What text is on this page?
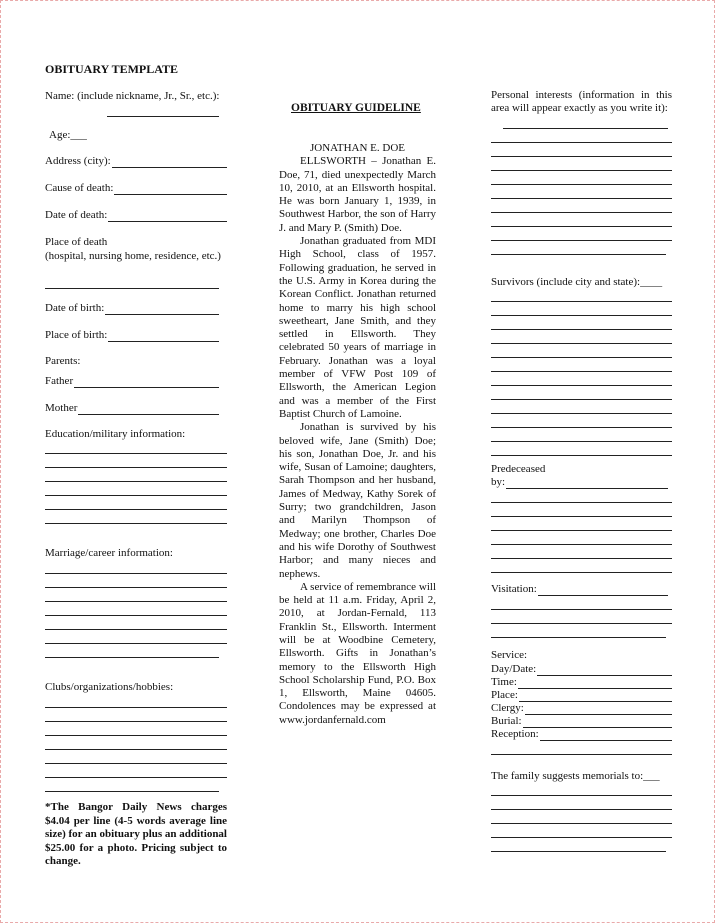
OBITUARY TEMPLATE
Name: (include nickname, Jr., Sr., etc.):
Age:___
Address (city):
Cause of death:
Date of death:
Place of death
(hospital, nursing home, residence, etc.)
Date of birth:
Place of birth:
Parents:
Father
Mother
Education/military information:
Marriage/career information:
Clubs/organizations/hobbies:
*The Bangor Daily News charges $4.04 per line (4-5 words average line size) for an obituary plus an additional $25.00 for a photo. Pricing subject to change.
OBITUARY GUIDELINE

JONATHAN E. DOE

ELLSWORTH – Jonathan E. Doe, 71, died unexpectedly March 10, 2010, at an Ellsworth hospital. He was born January 1, 1939, in Southwest Harbor, the son of Harry J. and Mary P. (Smith) Doe.

Jonathan graduated from MDI High School, class of 1957. Following graduation, he served in the U.S. Army in Korea during the Korean Conflict. Jonathan returned home to marry his high school sweetheart, Jane Smith, and they settled in Ellsworth. They celebrated 50 years of marriage in February. Jonathan was a loyal member of VFW Post 109 of Ellsworth, the American Legion and was a member of the First Baptist Church of Lamoine.

Jonathan is survived by his beloved wife, Jane (Smith) Doe; his son, Jonathan Doe, Jr. and his wife, Susan of Lamoine; daughters, Sarah Thompson and her husband, James of Medway, Kathy Sorek of Surry; two grandchildren, Jason and Marilyn Thompson of Medway; one brother, Charles Doe and his wife Dorothy of Southwest Harbor; and many nieces and nephews.

A service of remembrance will be held at 11 a.m. Friday, April 2, 2010, at Jordan-Fernald, 113 Franklin St., Ellsworth. Interment will be at Woodbine Cemetery, Ellsworth. Gifts in Jonathan’s memory to the Ellsworth High School Scholarship Fund, P.O. Box 1, Ellsworth, Maine 04605. Condolences may be expressed at www.jordanfernald.com

Personal interests (information in this area will appear exactly as you write it):
Survivors (include city and state):____
Predeceased
by:
Visitation:
Service:
Day/Date:
Time:
Place:
Clergy:
Burial:
Reception:
The family suggests memorials to:___
